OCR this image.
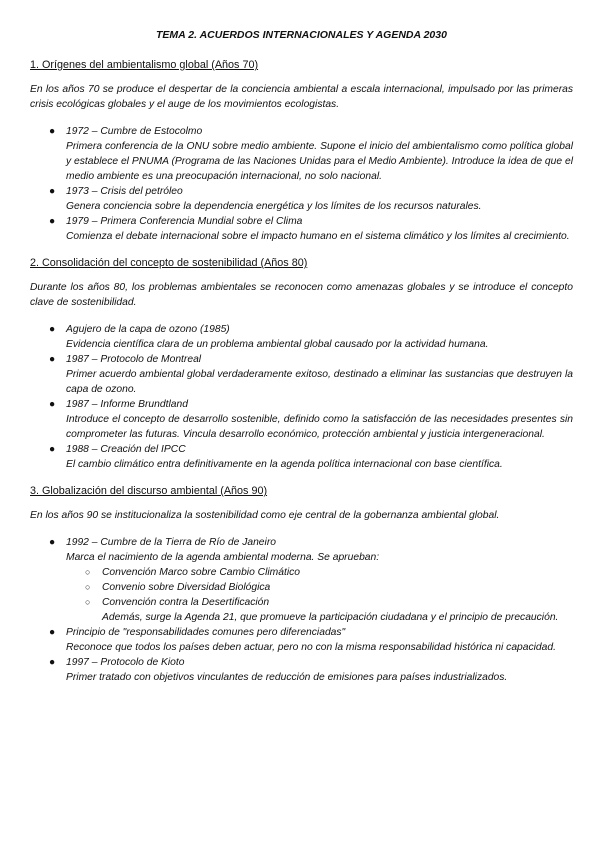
TEMA 2. ACUERDOS INTERNACIONALES Y AGENDA 2030
1. Orígenes del ambientalismo global (Años 70)
En los años 70 se produce el despertar de la conciencia ambiental a escala internacional, impulsado por las primeras crisis ecológicas globales y el auge de los movimientos ecologistas.
● 1972 – Cumbre de Estocolmo
Primera conferencia de la ONU sobre medio ambiente. Supone el inicio del ambientalismo como política global y establece el PNUMA (Programa de las Naciones Unidas para el Medio Ambiente). Introduce la idea de que el medio ambiente es una preocupación internacional, no solo nacional.
● 1973 – Crisis del petróleo
Genera conciencia sobre la dependencia energética y los límites de los recursos naturales.
● 1979 – Primera Conferencia Mundial sobre el Clima
Comienza el debate internacional sobre el impacto humano en el sistema climático y los límites al crecimiento.
2. Consolidación del concepto de sostenibilidad (Años 80)
Durante los años 80, los problemas ambientales se reconocen como amenazas globales y se introduce el concepto clave de sostenibilidad.
● Agujero de la capa de ozono (1985)
Evidencia científica clara de un problema ambiental global causado por la actividad humana.
● 1987 – Protocolo de Montreal
Primer acuerdo ambiental global verdaderamente exitoso, destinado a eliminar las sustancias que destruyen la capa de ozono.
● 1987 – Informe Brundtland
Introduce el concepto de desarrollo sostenible, definido como la satisfacción de las necesidades presentes sin comprometer las futuras. Vincula desarrollo económico, protección ambiental y justicia intergeneracional.
● 1988 – Creación del IPCC
El cambio climático entra definitivamente en la agenda política internacional con base científica.
3. Globalización del discurso ambiental (Años 90)
En los años 90 se institucionaliza la sostenibilidad como eje central de la gobernanza ambiental global.
● 1992 – Cumbre de la Tierra de Río de Janeiro
Marca el nacimiento de la agenda ambiental moderna. Se aprueban:
○ Convención Marco sobre Cambio Climático
○ Convenio sobre Diversidad Biológica
○ Convención contra la Desertificación
Además, surge la Agenda 21, que promueve la participación ciudadana y el principio de precaución.
● Principio de "responsabilidades comunes pero diferenciadas"
Reconoce que todos los países deben actuar, pero no con la misma responsabilidad histórica ni capacidad.
● 1997 – Protocolo de Kioto
Primer tratado con objetivos vinculantes de reducción de emisiones para países industrializados.
